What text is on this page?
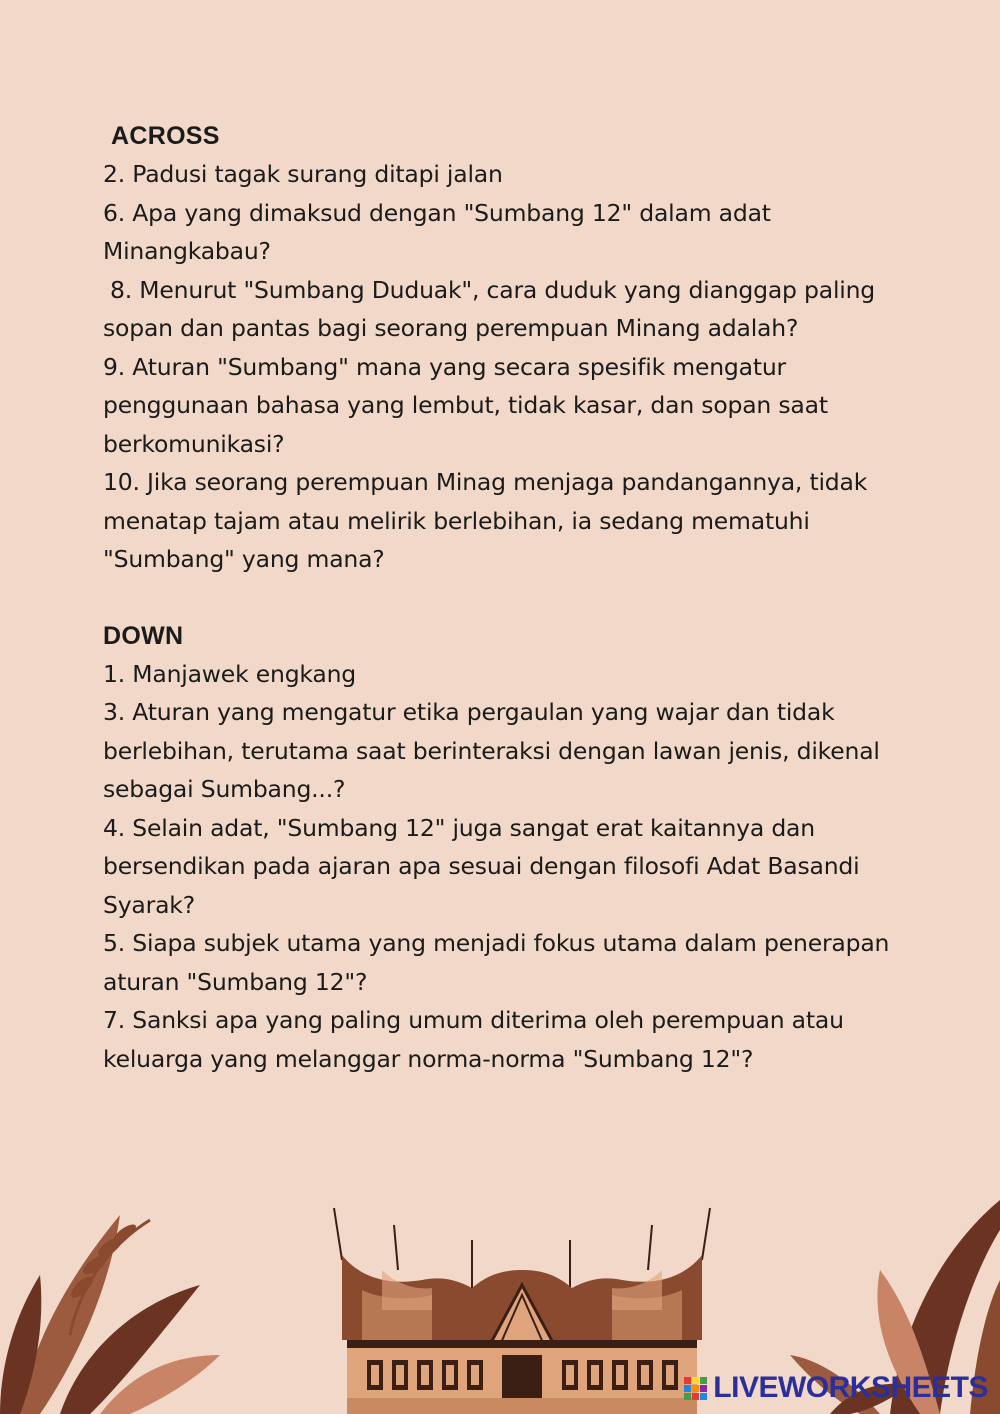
ACROSS

2. Padusi tagak surang ditapi jalan

6. Apa yang dimaksud dengan "Sumbang 12" dalam adat Minangkabau?

8. Menurut "Sumbang Duduak", cara duduk yang dianggap paling sopan dan pantas bagi seorang perempuan Minang adalah?

9. Aturan "Sumbang" mana yang secara spesifik mengatur penggunaan bahasa yang lembut, tidak kasar, dan sopan saat berkomunikasi?

10. Jika seorang perempuan Minag menjaga pandangannya, tidak menatap tajam atau melirik berlebihan, ia sedang mematuhi "Sumbang" yang mana?

DOWN

1. Manjawek engkang

3. Aturan yang mengatur etika pergaulan yang wajar dan tidak berlebihan, terutama saat berinteraksi dengan lawan jenis, dikenal sebagai Sumbang...?

4. Selain adat, "Sumbang 12" juga sangat erat kaitannya dan bersendikan pada ajaran apa sesuai dengan filosofi Adat Basandi Syarak?

5. Siapa subjek utama yang menjadi fokus utama dalam penerapan aturan "Sumbang 12"?

7. Sanksi apa yang paling umum diterima oleh perempuan atau keluarga yang melanggar norma-norma "Sumbang 12"?

LIVEWORKSHEETS
